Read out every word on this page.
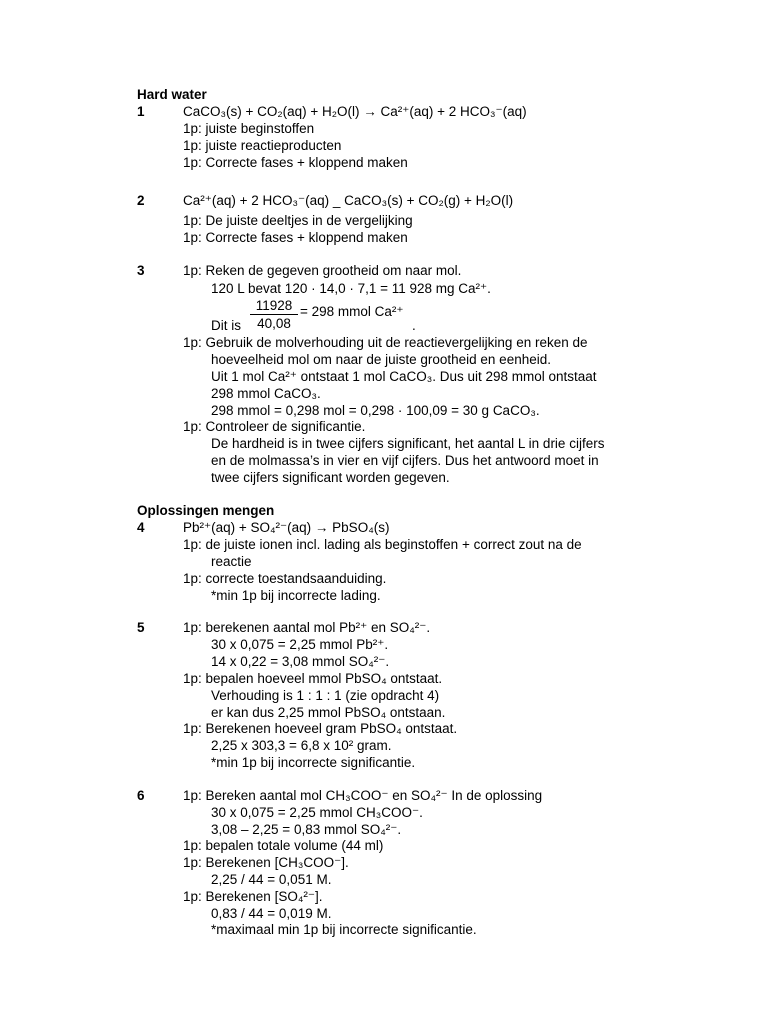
Hard water
1	CaCO₃(s) + CO₂(aq) + H₂O(l) → Ca²⁺(aq) + 2 HCO₃⁻(aq)
1p: juiste beginstoffen
1p: juiste reactieproducten
1p: Correcte fases + kloppend maken
2	Ca²⁺(aq) + 2 HCO₃⁻(aq) _ CaCO₃(s) + CO₂(g) + H₂O(l)
1p: De juiste deeltjes in de vergelijking
1p: Correcte fases + kloppend maken
3	1p: Reken de gegeven grootheid om naar mol.
120 L bevat 120 · 14,0 · 7,1 = 11 928 mg Ca²⁺.
11928
40,08
= 298 mmol Ca²⁺
Dit is	.
1p: Gebruik de molverhouding uit de reactievergelijking en reken de
hoeveelheid mol om naar de juiste grootheid en eenheid.
Uit 1 mol Ca²⁺ ontstaat 1 mol CaCO₃. Dus uit 298 mmol ontstaat
298 mmol CaCO₃.
298 mmol = 0,298 mol = 0,298 · 100,09 = 30 g CaCO₃.
1p: Controleer de significantie.
De hardheid is in twee cijfers significant, het aantal L in drie cijfers
en de molmassa’s in vier en vijf cijfers. Dus het antwoord moet in
twee cijfers significant worden gegeven.
Oplossingen mengen
4	Pb²⁺(aq) + SO₄²⁻(aq) → PbSO₄(s)
1p: de juiste ionen incl. lading als beginstoffen + correct zout na de
reactie
1p: correcte toestandsaanduiding.
*min 1p bij incorrecte lading.
5	1p: berekenen aantal mol Pb²⁺ en SO₄²⁻.
30 x 0,075 = 2,25 mmol Pb²⁺.
14 x 0,22 = 3,08 mmol SO₄²⁻.
1p: bepalen hoeveel mmol PbSO₄ ontstaat.
Verhouding is 1 : 1 : 1 (zie opdracht 4)
er kan dus 2,25 mmol PbSO₄ ontstaan.
1p: Berekenen hoeveel gram PbSO₄ ontstaat.
2,25 x 303,3 = 6,8 x 10² gram.
*min 1p bij incorrecte significantie.
6	1p: Bereken aantal mol CH₃COO⁻ en SO₄²⁻ In de oplossing
30 x 0,075 = 2,25 mmol CH₃COO⁻.
3,08 – 2,25 = 0,83 mmol SO₄²⁻.
1p: bepalen totale volume (44 ml)
1p: Berekenen [CH₃COO⁻].
2,25 / 44 = 0,051 M.
1p: Berekenen [SO₄²⁻].
0,83 / 44 = 0,019 M.
*maximaal min 1p bij incorrecte significantie.
